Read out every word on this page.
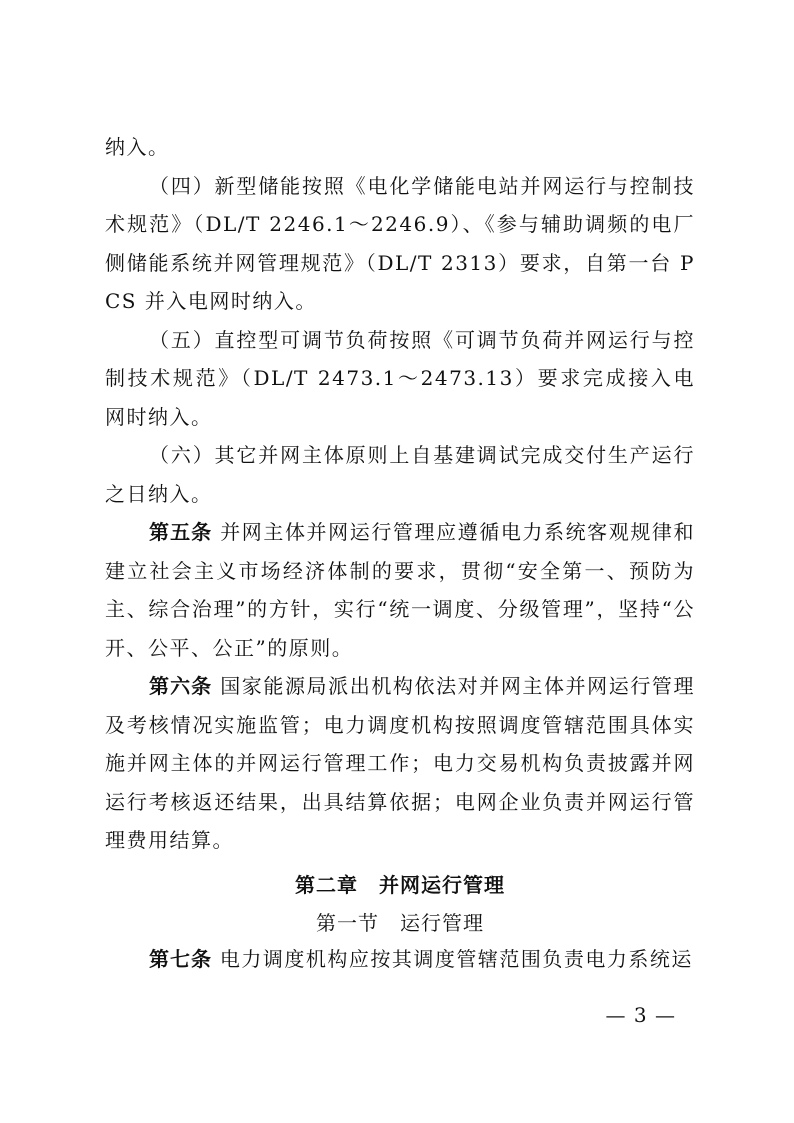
纳入。

（四）新型储能按照《电化学储能电站并网运行与控制技术规范》（DL/T 2246.1～2246.9）、《参与辅助调频的电厂侧储能系统并网管理规范》（DL/T 2313）要求，自第一台 PCS 并入电网时纳入。

（五）直控型可调节负荷按照《可调节负荷并网运行与控制技术规范》（DL/T 2473.1～2473.13）要求完成接入电网时纳入。

（六）其它并网主体原则上自基建调试完成交付生产运行之日纳入。

第五条 并网主体并网运行管理应遵循电力系统客观规律和建立社会主义市场经济体制的要求，贯彻“安全第一、预防为主、综合治理”的方针，实行“统一调度、分级管理”，坚持“公开、公平、公正”的原则。

第六条 国家能源局派出机构依法对并网主体并网运行管理及考核情况实施监管；电力调度机构按照调度管辖范围具体实施并网主体的并网运行管理工作；电力交易机构负责披露并网运行考核返还结果，出具结算依据；电网企业负责并网运行管理费用结算。

第二章　并网运行管理

第一节　运行管理

第七条 电力调度机构应按其调度管辖范围负责电力系统运

— 3 —
